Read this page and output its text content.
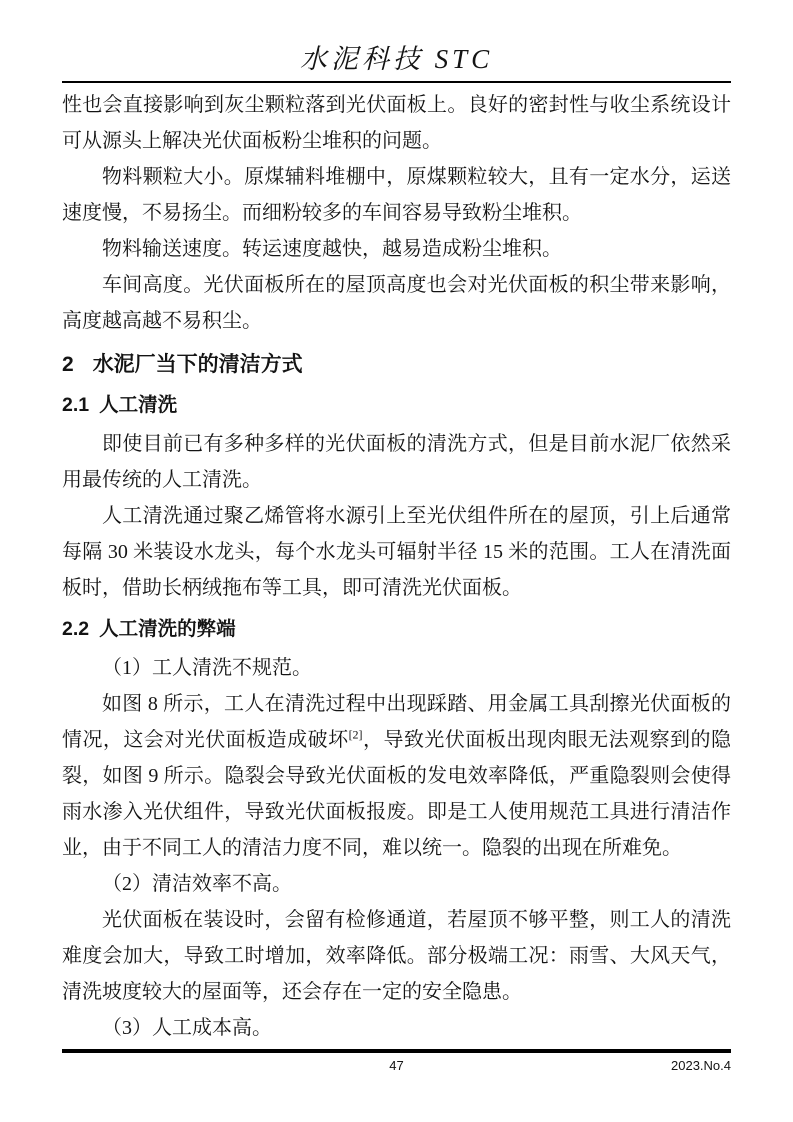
水泥科技 STC

性也会直接影响到灰尘颗粒落到光伏面板上。良好的密封性与收尘系统设计可从源头上解决光伏面板粉尘堆积的问题。

物料颗粒大小。原煤辅料堆棚中，原煤颗粒较大，且有一定水分，运送速度慢，不易扬尘。而细粉较多的车间容易导致粉尘堆积。

物料输送速度。转运速度越快，越易造成粉尘堆积。

车间高度。光伏面板所在的屋顶高度也会对光伏面板的积尘带来影响，高度越高越不易积尘。

2 水泥厂当下的清洁方式
2.1 人工清洗

即使目前已有多种多样的光伏面板的清洗方式，但是目前水泥厂依然采用最传统的人工清洗。

人工清洗通过聚乙烯管将水源引上至光伏组件所在的屋顶，引上后通常每隔 30 米装设水龙头，每个水龙头可辐射半径 15 米的范围。工人在清洗面板时，借助长柄绒拖布等工具，即可清洗光伏面板。

2.2 人工清洗的弊端

（1）工人清洗不规范。

如图 8 所示，工人在清洗过程中出现踩踏、用金属工具刮擦光伏面板的情况，这会对光伏面板造成破坏[2]，导致光伏面板出现肉眼无法观察到的隐裂，如图 9 所示。隐裂会导致光伏面板的发电效率降低，严重隐裂则会使得雨水渗入光伏组件，导致光伏面板报废。即是工人使用规范工具进行清洁作业，由于不同工人的清洁力度不同，难以统一。隐裂的出现在所难免。

（2）清洁效率不高。

光伏面板在装设时，会留有检修通道，若屋顶不够平整，则工人的清洗难度会加大，导致工时增加，效率降低。部分极端工况：雨雪、大风天气，清洗坡度较大的屋面等，还会存在一定的安全隐患。

（3）人工成本高。

47	2023.No.4
